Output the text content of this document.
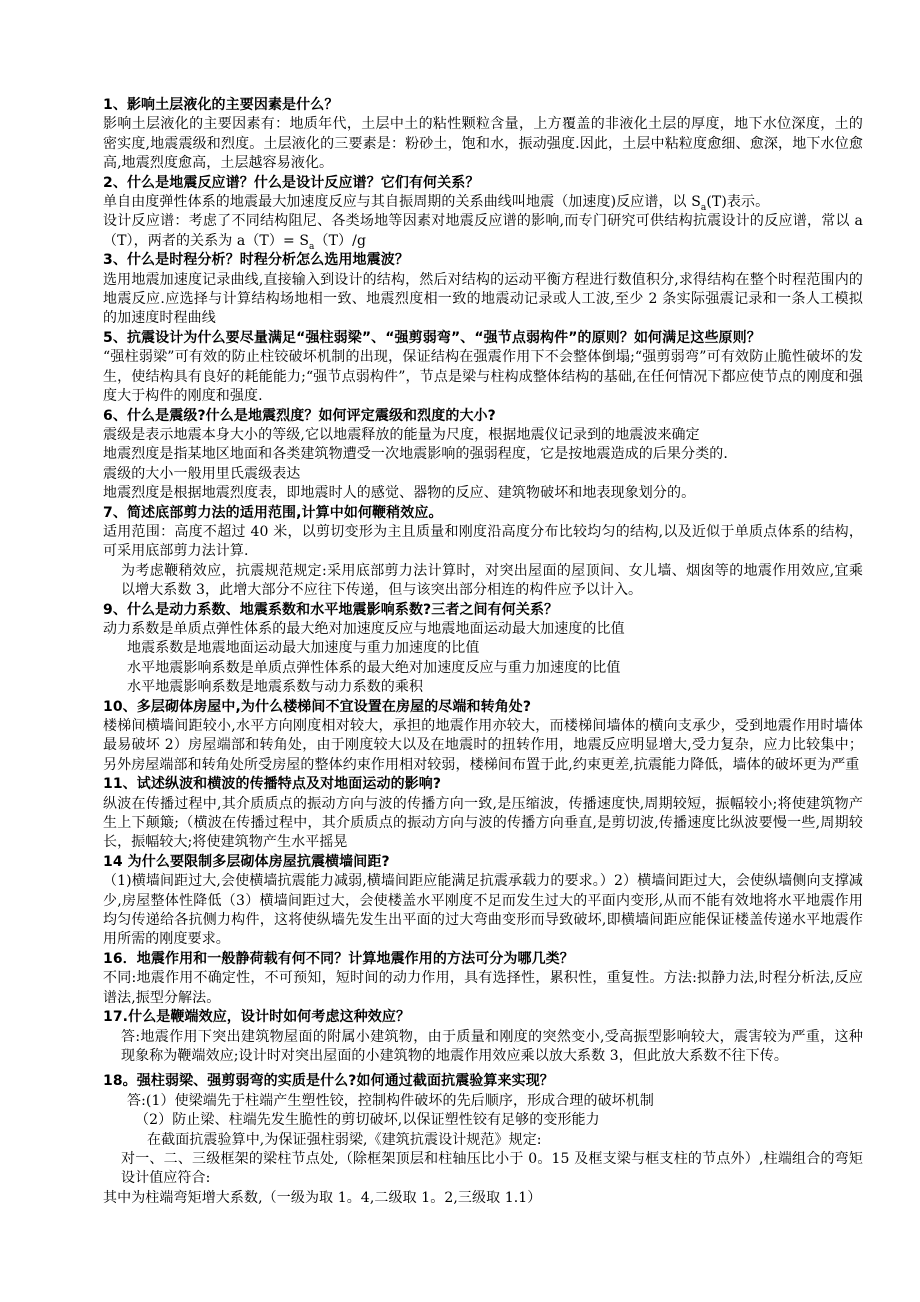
1、影响土层液化的主要因素是什么？

影响土层液化的主要因素有：地质年代，土层中土的粘性颗粒含量，上方覆盖的非液化土层的厚度，地下水位深度，土的密实度,地震震级和烈度。土层液化的三要素是：粉砂土，饱和水，振动强度.因此，土层中粘粒度愈细、愈深，地下水位愈高,地震烈度愈高，土层越容易液化。

2、什么是地震反应谱？什么是设计反应谱？它们有何关系？

单自由度弹性体系的地震最大加速度反应与其自振周期的关系曲线叫地震（加速度)反应谱，以 $S_a(T)$表示。

设计反应谱：考虑了不同结构阻尼、各类场地等因素对地震反应谱的影响,而专门研究可供结构抗震设计的反应谱，常以 a（T），两者的关系为 $a(T)= S_a(T)/g$

3、什么是时程分析？时程分析怎么选用地震波？

选用地震加速度记录曲线,直接输入到设计的结构，然后对结构的运动平衡方程进行数值积分,求得结构在整个时程范围内的地震反应.应选择与计算结构场地相一致、地震烈度相一致的地震动记录或人工波,至少 2 条实际强震记录和一条人工模拟的加速度时程曲线

5、抗震设计为什么要尽量满足“强柱弱梁”、“强剪弱弯”、“强节点弱构件”的原则？如何满足这些原则？

“强柱弱梁”可有效的防止柱铰破坏机制的出现，保证结构在强震作用下不会整体倒塌;“强剪弱弯”可有效防止脆性破坏的发生，使结构具有良好的耗能能力;“强节点弱构件”，节点是梁与柱构成整体结构的基础,在任何情况下都应使节点的刚度和强度大于构件的刚度和强度.

6、什么是震级?什么是地震烈度？如何评定震级和烈度的大小?

震级是表示地震本身大小的等级,它以地震释放的能量为尺度，根据地震仪记录到的地震波来确定

地震烈度是指某地区地面和各类建筑物遭受一次地震影响的强弱程度，它是按地震造成的后果分类的.

震级的大小一般用里氏震级表达

地震烈度是根据地震烈度表，即地震时人的感觉、器物的反应、建筑物破坏和地表现象划分的。

7、简述底部剪力法的适用范围,计算中如何鞭稍效应。

适用范围：高度不超过 40 米，以剪切变形为主且质量和刚度沿高度分布比较均匀的结构,以及近似于单质点体系的结构，可采用底部剪力法计算.

为考虑鞭稍效应，抗震规范规定:采用底部剪力法计算时，对突出屋面的屋顶间、女儿墙、烟囱等的地震作用效应,宜乘以增大系数 3，此增大部分不应往下传递，但与该突出部分相连的构件应予以计入。

9、什么是动力系数、地震系数和水平地震影响系数?三者之间有何关系？

动力系数是单质点弹性体系的最大绝对加速度反应与地震地面运动最大加速度的比值

地震系数是地震地面运动最大加速度与重力加速度的比值

水平地震影响系数是单质点弹性体系的最大绝对加速度反应与重力加速度的比值

水平地震影响系数是地震系数与动力系数的乘积

10、多层砌体房屋中,为什么楼梯间不宜设置在房屋的尽端和转角处?

楼梯间横墙间距较小,水平方向刚度相对较大，承担的地震作用亦较大，而楼梯间墙体的横向支承少，受到地震作用时墙体最易破坏 2）房屋端部和转角处，由于刚度较大以及在地震时的扭转作用，地震反应明显增大,受力复杂，应力比较集中；另外房屋端部和转角处所受房屋的整体约束作用相对较弱，楼梯间布置于此,约束更差,抗震能力降低，墙体的破坏更为严重

11、试述纵波和横波的传播特点及对地面运动的影响?

纵波在传播过程中,其介质质点的振动方向与波的传播方向一致,是压缩波，传播速度快,周期较短，振幅较小;将使建筑物产生上下颠簸;（横波在传播过程中，其介质质点的振动方向与波的传播方向垂直,是剪切波,传播速度比纵波要慢一些,周期较长，振幅较大;将使建筑物产生水平摇晃

14 为什么要限制多层砌体房屋抗震横墙间距?

（1)横墙间距过大,会使横墙抗震能力减弱,横墙间距应能满足抗震承载力的要求。）2）横墙间距过大，会使纵墙侧向支撑减少,房屋整体性降低（3）横墙间距过大，会使楼盖水平刚度不足而发生过大的平面内变形,从而不能有效地将水平地震作用均匀传递给各抗侧力构件，这将使纵墙先发生出平面的过大弯曲变形而导致破坏,即横墙间距应能保证楼盖传递水平地震作用所需的刚度要求。

16．地震作用和一般静荷载有何不同？计算地震作用的方法可分为哪几类？

不同:地震作用不确定性，不可预知，短时间的动力作用，具有选择性，累积性，重复性。方法:拟静力法,时程分析法,反应谱法,振型分解法。

17.什么是鞭端效应，设计时如何考虑这种效应？

答:地震作用下突出建筑物屋面的附属小建筑物，由于质量和刚度的突然变小,受高振型影响较大，震害较为严重，这种现象称为鞭端效应;设计时对突出屋面的小建筑物的地震作用效应乘以放大系数 3，但此放大系数不往下传。

18。强柱弱梁、强剪弱弯的实质是什么?如何通过截面抗震验算来实现？

答:(1）使梁端先于柱端产生塑性铰，控制构件破坏的先后顺序，形成合理的破坏机制

（2）防止梁、柱端先发生脆性的剪切破坏,以保证塑性铰有足够的变形能力

在截面抗震验算中,为保证强柱弱梁,《建筑抗震设计规范》规定:

对一、二、三级框架的梁柱节点处,（除框架顶层和柱轴压比小于 0。15 及框支梁与框支柱的节点外）,柱端组合的弯矩设计值应符合:

其中为柱端弯矩增大系数,（一级为取 1。4,二级取 1。2,三级取 1.1）
